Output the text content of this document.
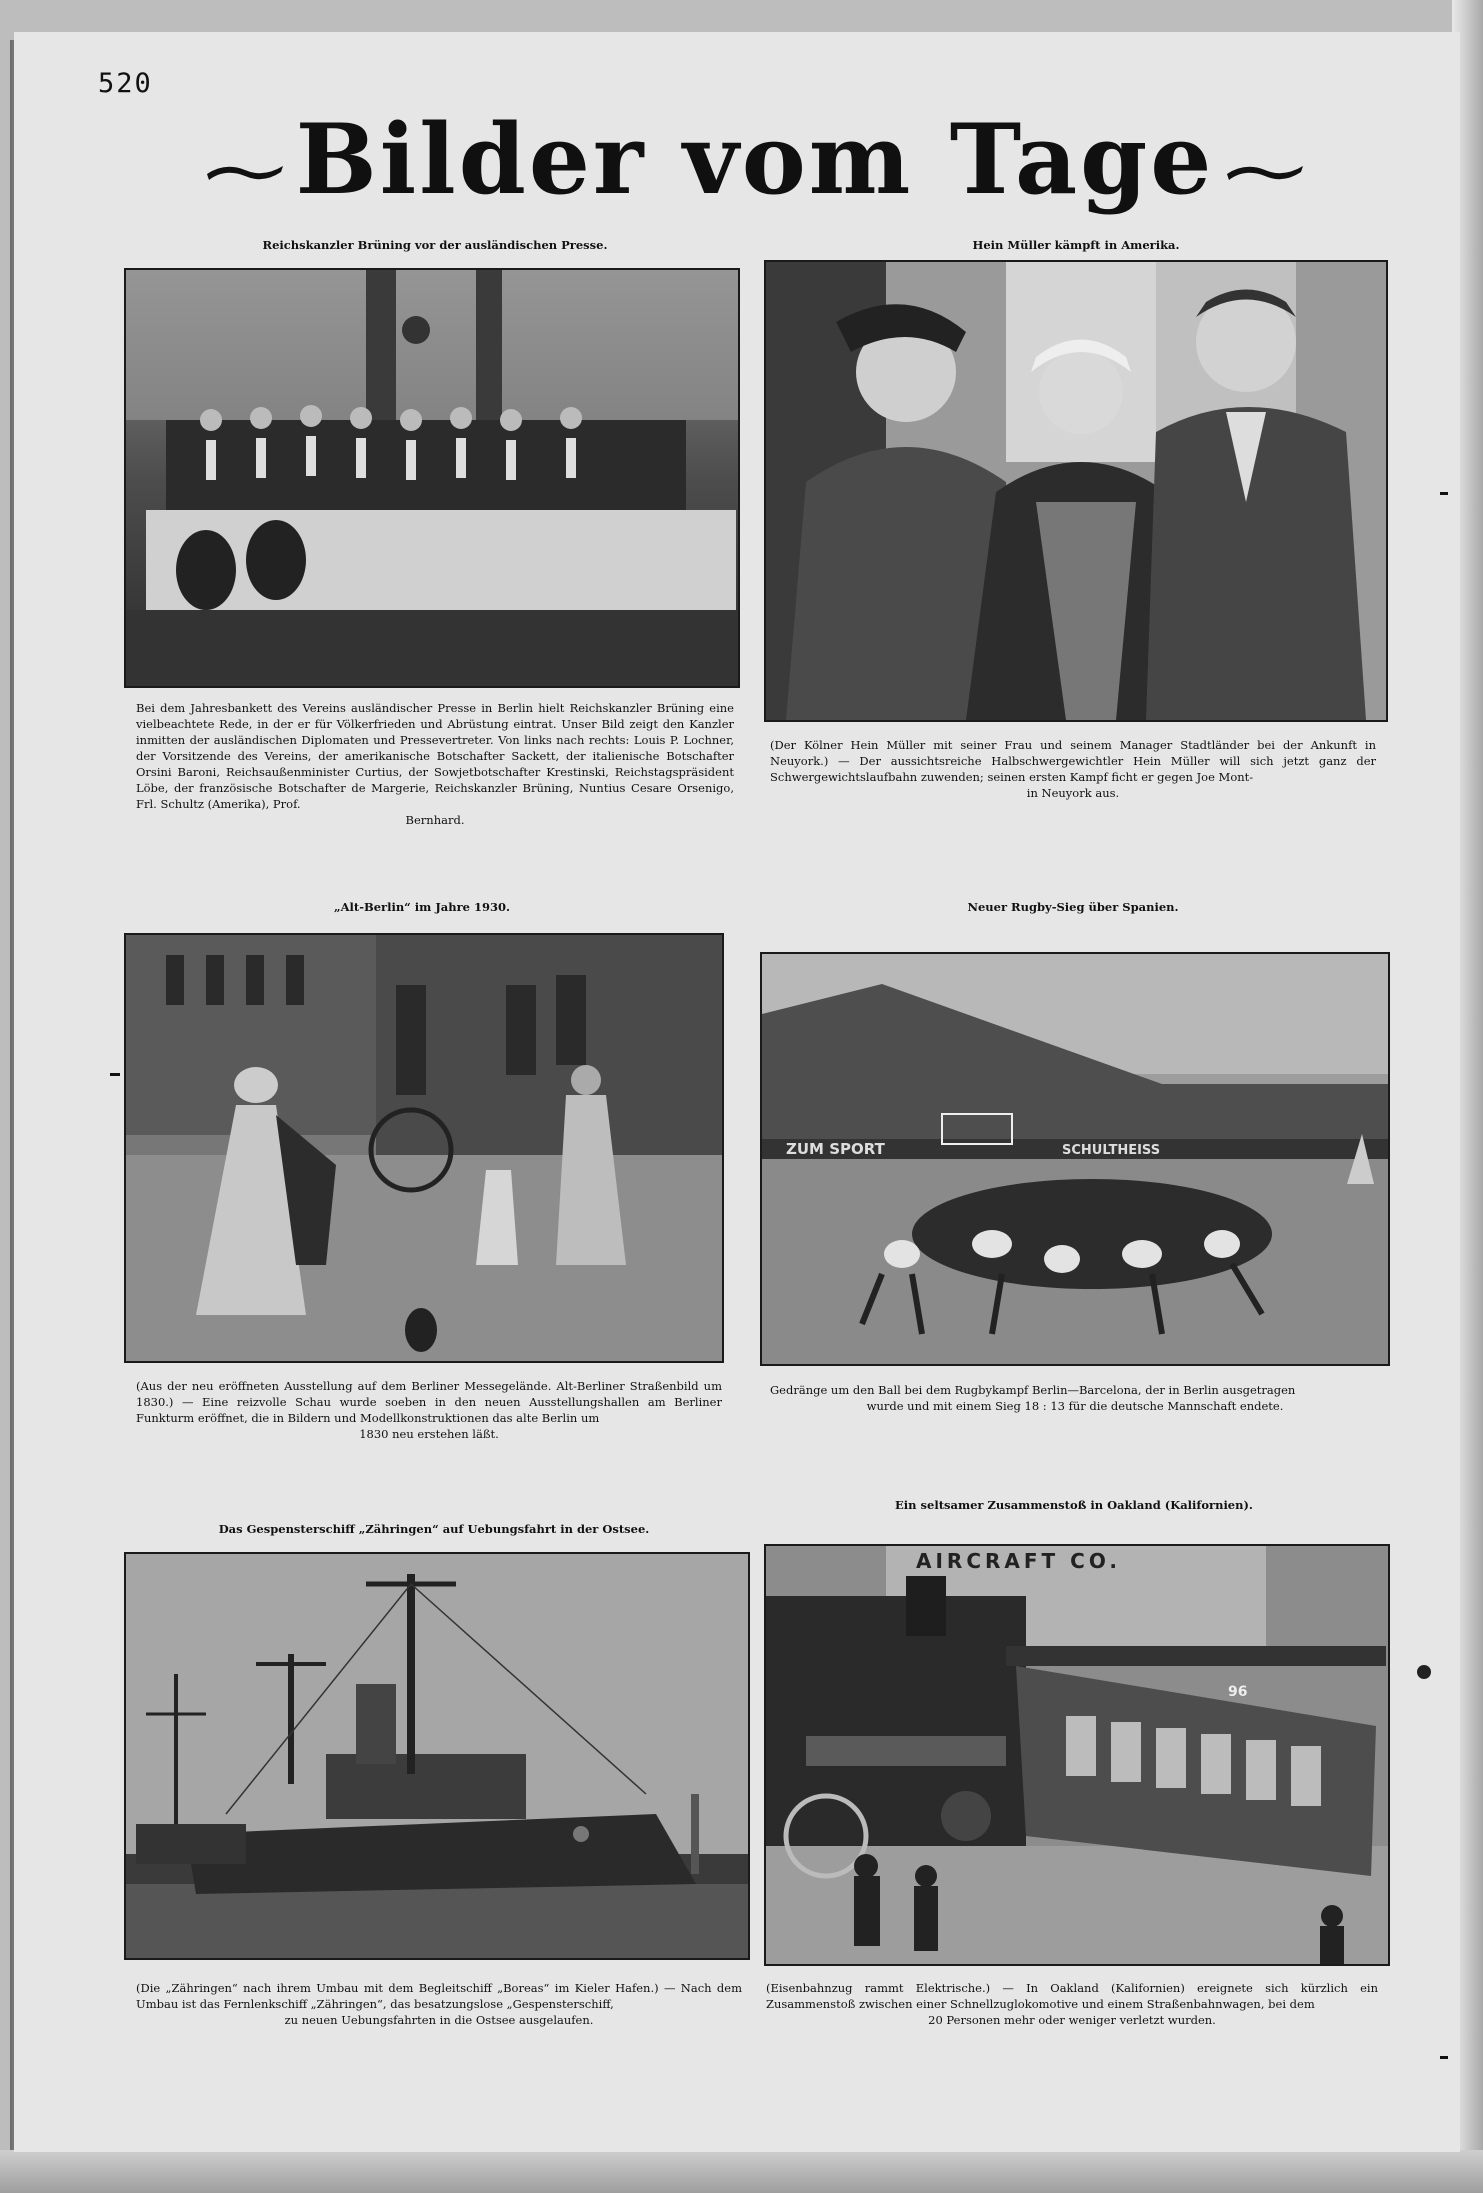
520
Bilder vom Tage
Reichskanzler Brüning vor der ausländischen Presse.
Bei dem Jahresbankett des Vereins ausländischer Presse in Berlin hielt Reichskanzler Brüning eine vielbeachtete Rede, in der er für Völkerfrieden und Abrüstung eintrat. Unser Bild zeigt den Kanzler inmitten der ausländischen Diplomaten und Pressevertreter. Von links nach rechts: Louis P. Lochner, der Vorsitzende des Vereins, der amerikanische Botschafter Sackett, der italienische Botschafter Orsini Baroni, Reichsaußenminister Curtius, der Sowjetbotschafter Krestinski, Reichstagspräsident Löbe, der französische Botschafter de Margerie, Reichskanzler Brüning, Nuntius Cesare Orsenigo, Frl. Schultz (Amerika), Prof.
Bernhard.
Hein Müller kämpft in Amerika.
(Der Kölner Hein Müller mit seiner Frau und seinem Manager Stadtländer bei der Ankunft in Neuyork.) — Der aussichtsreiche Halbschwergewichtler Hein Müller will sich jetzt ganz der Schwergewichtslaufbahn zuwenden; seinen ersten Kampf ficht er gegen Joe Mont-
in Neuyork aus.
„Alt-Berlin“ im Jahre 1930.
(Aus der neu eröffneten Ausstellung auf dem Berliner Messegelände. Alt-Berliner Straßenbild um 1830.) — Eine reizvolle Schau wurde soeben in den neuen Ausstellungshallen am Berliner Funkturm eröffnet, die in Bildern und Modellkonstruktionen das alte Berlin um
1830 neu erstehen läßt.
Neuer Rugby-Sieg über Spanien.
ZUM SPORT	SCHULTHEISS
Gedränge um den Ball bei dem Rugbykampf Berlin—Barcelona, der in Berlin ausgetragen
wurde und mit einem Sieg 18 : 13 für die deutsche Mannschaft endete.
Das Gespensterschiff „Zähringen“ auf Uebungsfahrt in der Ostsee.
(Die „Zähringen“ nach ihrem Umbau mit dem Begleitschiff „Boreas“ im Kieler Hafen.) — Nach dem Umbau ist das Fernlenkschiff „Zähringen“, das besatzungslose „Gespensterschiff,
zu neuen Uebungsfahrten in die Ostsee ausgelaufen.
Ein seltsamer Zusammenstoß in Oakland (Kalifornien).
AIRCRAFT CO.
96
(Eisenbahnzug rammt Elektrische.) — In Oakland (Kalifornien) ereignete sich kürzlich ein Zusammenstoß zwischen einer Schnellzuglokomotive und einem Straßenbahnwagen, bei dem
20 Personen mehr oder weniger verletzt wurden.
